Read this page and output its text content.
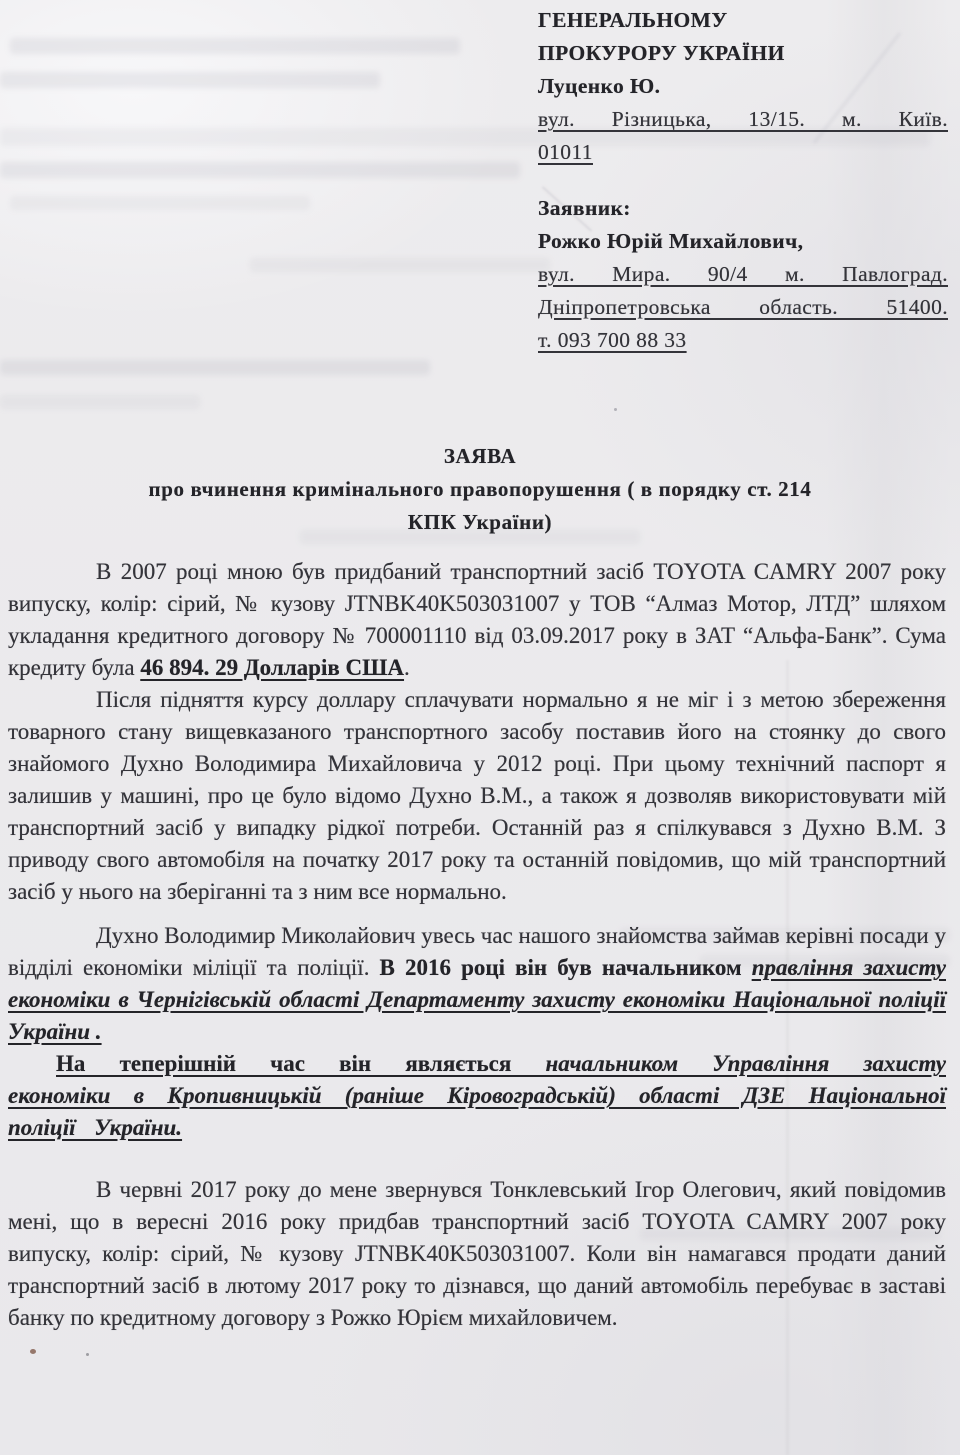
ГЕНЕРАЛЬНОМУ
ПРОКУРОРУ УКРАЇНИ
Луценко Ю.
вул. Різницька, 13/15. м. Київ.
01011
Заявник:
Рожко Юрій Михайлович,
вул. Мира. 90/4 м. Павлоград.
Дніпропетровська область. 51400.
т. 093 700 88 33
ЗАЯВА
про вчинення кримінального правопорушення ( в порядку ст. 214
КПК України)

В 2007 році мною був придбаний транспортний засіб TOYOTA CAMRY 2007 року випуску, колір: сірий, № кузову JTNBK40K503031007 у ТОВ “Алмаз Мотор, ЛТД” шляхом укладання кредитного договору № 700001110 від 03.09.2017 року в ЗАТ “Альфа-Банк”. Сума кредиту була 46 894. 29 Долларів США.

Після підняття курсу доллару сплачувати нормально я не міг і з метою збереження товарного стану вищевказаного транспортного засобу поставив його на стоянку до свого знайомого Духно Володимира Михайловича у 2012 році. При цьому технічний паспорт я залишив у машині, про це було відомо Духно В.М., а також я дозволяв використовувати мій транспортний засіб у випадку рідкої потреби. Останній раз я спілкувався з Духно В.М. З приводу свого автомобіля на початку 2017 року та останній повідомив, що мій транспортний засіб у нього на зберіганні та з ним все нормально.

Духно Володимир Миколайович увесь час нашого знайомства займав керівні посади у відділі економіки міліції та поліції. В 2016 році він був начальником правління захисту економіки в Чернігівській області Департаменту захисту економіки Національної поліції України .

На теперішній час він являється начальником Управління захисту економіки в Кропивницькій (раніше Кіровоградській) області ДЗЕ Національної поліції України.

В червні 2017 року до мене звернувся Тонклевський Ігор Олегович, який повідомив мені, що в вересні 2016 року придбав транспортний засіб TOYOTA CAMRY 2007 року випуску, колір: сірий, № кузову JTNBK40K503031007. Коли він намагався продати даний транспортний засіб в лютому 2017 року то дізнався, що даний автомобіль перебуває в заставі банку по кредитному договору з Рожко Юрієм михайловичем.
